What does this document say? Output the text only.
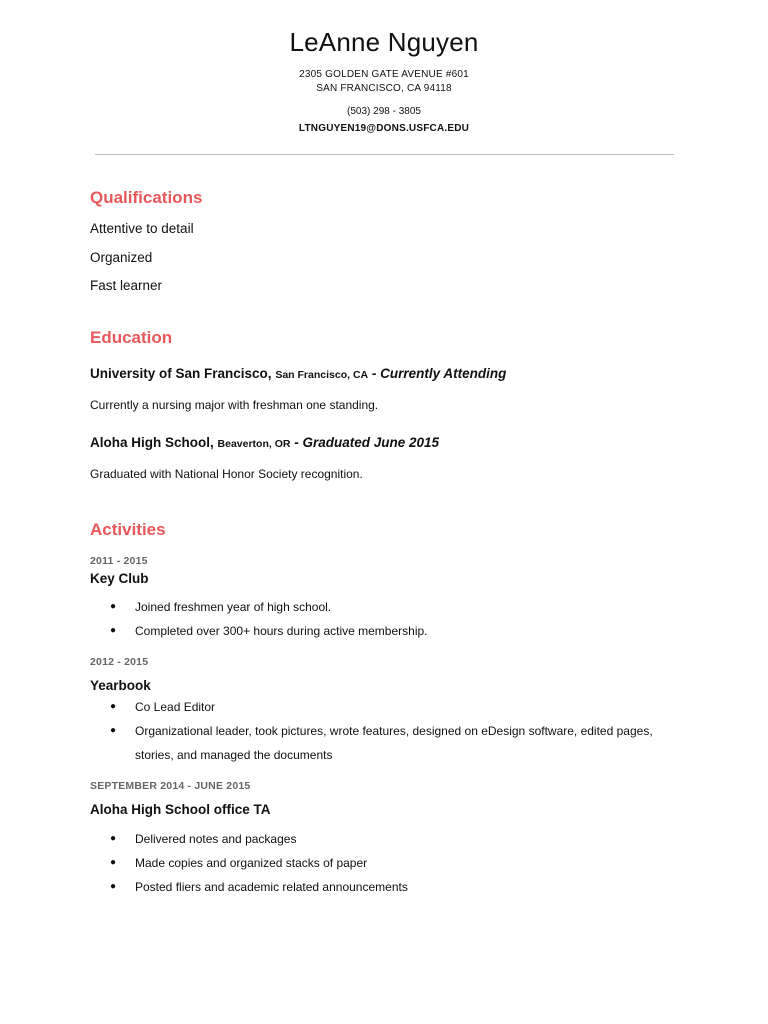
LeAnne Nguyen
2305 GOLDEN GATE AVENUE #601
SAN FRANCISCO, CA 94118
(503) 298 - 3805
LTNGUYEN19@DONS.USFCA.EDU
Qualifications
Attentive to detail
Organized
Fast learner
Education
University of San Francisco, San Francisco, CA - Currently Attending
Currently a nursing major with freshman one standing.
Aloha High School, Beaverton, OR - Graduated June 2015
Graduated with National Honor Society recognition.
Activities
2011 - 2015
Key Club
● Joined freshmen year of high school.
● Completed over 300+ hours during active membership.
2012 - 2015
Yearbook
● Co Lead Editor
● Organizational leader, took pictures, wrote features, designed on eDesign software, edited pages, stories, and managed the documents
SEPTEMBER 2014 - JUNE 2015
Aloha High School office TA
● Delivered notes and packages
● Made copies and organized stacks of paper
● Posted fliers and academic related announcements
